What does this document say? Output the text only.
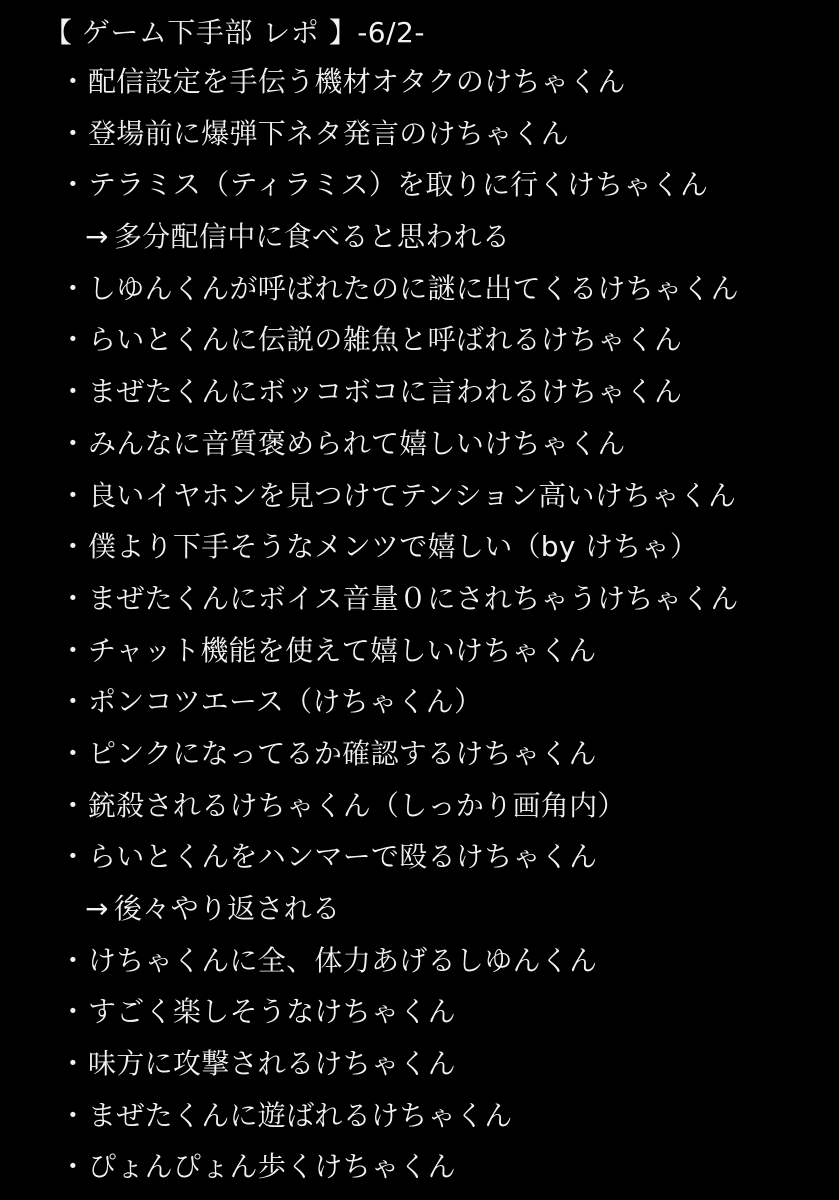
【 ゲーム下手部 レポ 】-6/2-
・配信設定を手伝う機材オタクのけちゃくん
・登場前に爆弾下ネタ発言のけちゃくん
・テラミス（ティラミス）を取りに行くけちゃくん
→ 多分配信中に食べると思われる
・しゆんくんが呼ばれたのに謎に出てくるけちゃくん
・らいとくんに伝説の雑魚と呼ばれるけちゃくん
・まぜたくんにボッコボコに言われるけちゃくん
・みんなに音質褒められて嬉しいけちゃくん
・良いイヤホンを見つけてテンション高いけちゃくん
・僕より下手そうなメンツで嬉しい（by けちゃ）
・まぜたくんにボイス音量０にされちゃうけちゃくん
・チャット機能を使えて嬉しいけちゃくん
・ポンコツエース（けちゃくん）
・ピンクになってるか確認するけちゃくん
・銃殺されるけちゃくん（しっかり画角内）
・らいとくんをハンマーで殴るけちゃくん
→ 後々やり返される
・けちゃくんに全、体力あげるしゆんくん
・すごく楽しそうなけちゃくん
・味方に攻撃されるけちゃくん
・まぜたくんに遊ばれるけちゃくん
・ぴょんぴょん歩くけちゃくん
